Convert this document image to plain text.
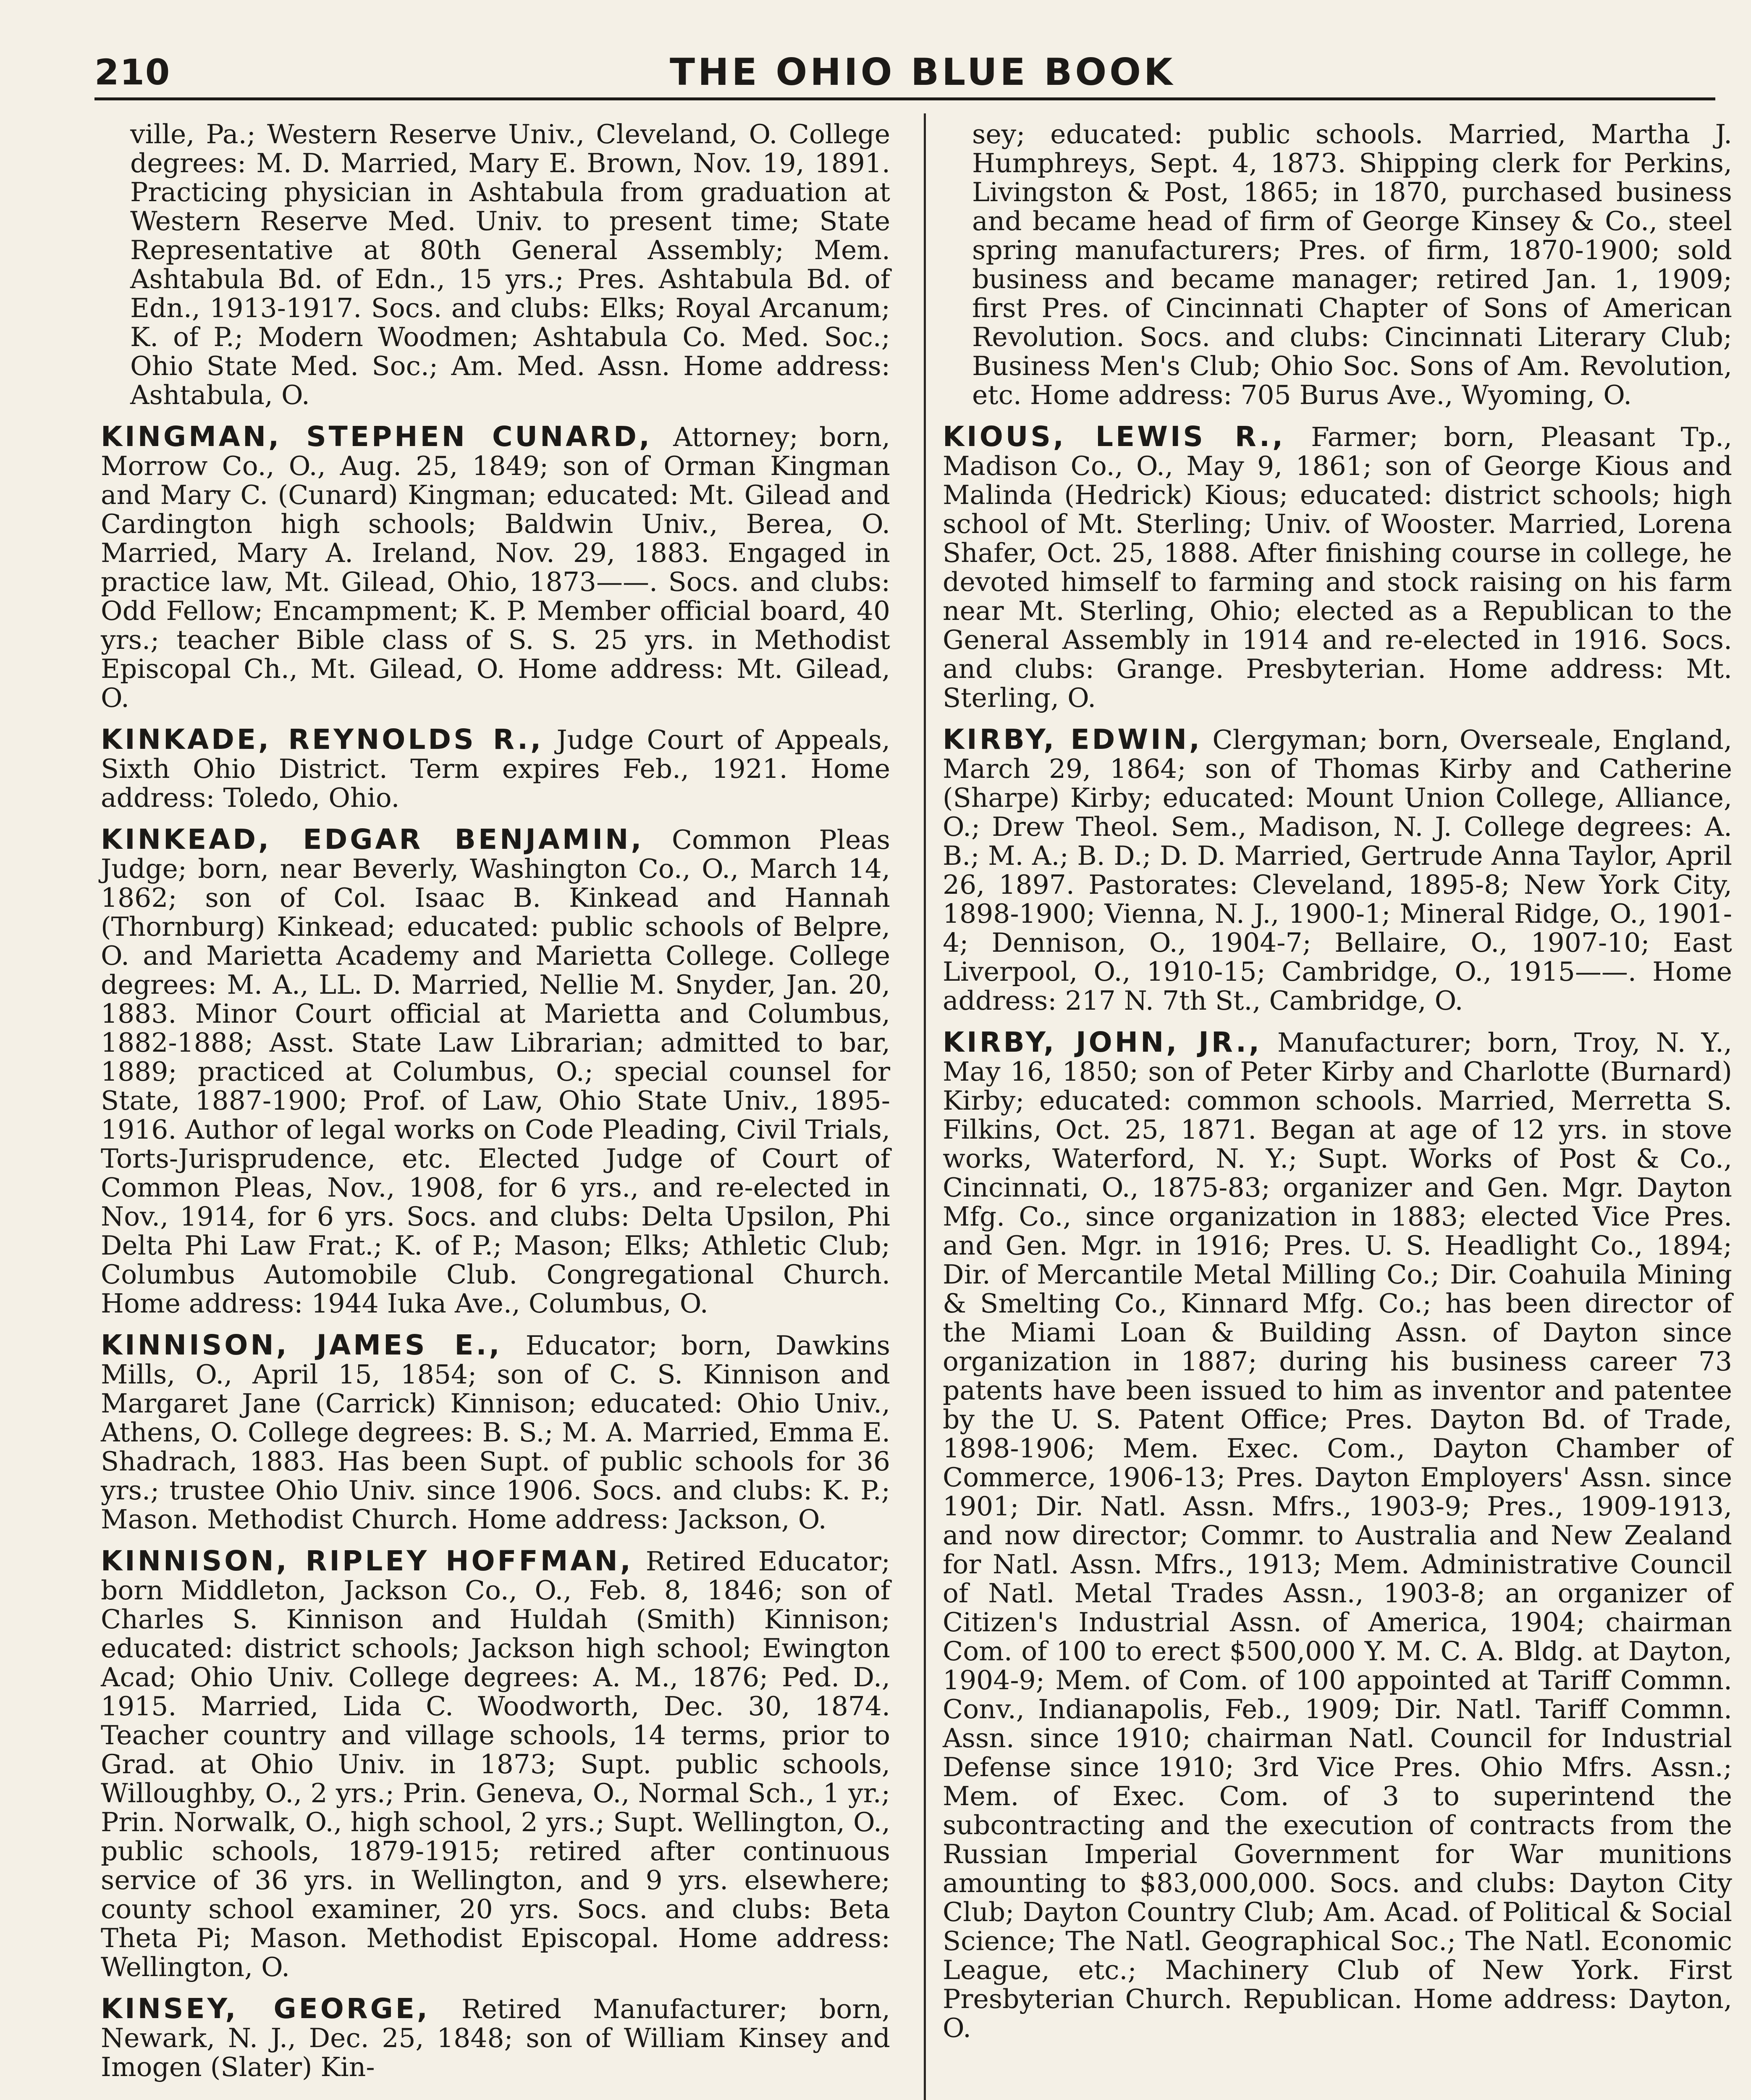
210	THE OHIO BLUE BOOK

ville, Pa.; Western Reserve Univ., Cleveland, O. College degrees: M. D. Married, Mary E. Brown, Nov. 19, 1891. Practicing physician in Ashtabula from graduation at Western Reserve Med. Univ. to present time; State Representative at 80th General Assembly; Mem. Ashtabula Bd. of Edn., 15 yrs.; Pres. Ashtabula Bd. of Edn., 1913-1917. Socs. and clubs: Elks; Royal Arcanum; K. of P.; Modern Woodmen; Ashtabula Co. Med. Soc.; Ohio State Med. Soc.; Am. Med. Assn. Home address: Ashtabula, O.

KINGMAN, STEPHEN CUNARD, Attorney; born, Morrow Co., O., Aug. 25, 1849; son of Orman Kingman and Mary C. (Cunard) Kingman; educated: Mt. Gilead and Cardington high schools; Baldwin Univ., Berea, O. Married, Mary A. Ireland, Nov. 29, 1883. Engaged in practice law, Mt. Gilead, Ohio, 1873——. Socs. and clubs: Odd Fellow; Encampment; K. P. Member official board, 40 yrs.; teacher Bible class of S. S. 25 yrs. in Methodist Episcopal Ch., Mt. Gilead, O. Home address: Mt. Gilead, O.

KINKADE, REYNOLDS R., Judge Court of Appeals, Sixth Ohio District. Term expires Feb., 1921. Home address: Toledo, Ohio.

KINKEAD, EDGAR BENJAMIN, Common Pleas Judge; born, near Beverly, Washington Co., O., March 14, 1862; son of Col. Isaac B. Kinkead and Hannah (Thornburg) Kinkead; educated: public schools of Belpre, O. and Marietta Academy and Marietta College. College degrees: M. A., LL. D. Married, Nellie M. Snyder, Jan. 20, 1883. Minor Court official at Marietta and Columbus, 1882-1888; Asst. State Law Librarian; admitted to bar, 1889; practiced at Columbus, O.; special counsel for State, 1887-1900; Prof. of Law, Ohio State Univ., 1895-1916. Author of legal works on Code Pleading, Civil Trials, Torts-Jurisprudence, etc. Elected Judge of Court of Common Pleas, Nov., 1908, for 6 yrs., and re-elected in Nov., 1914, for 6 yrs. Socs. and clubs: Delta Upsilon, Phi Delta Phi Law Frat.; K. of P.; Mason; Elks; Athletic Club; Columbus Automobile Club. Congregational Church. Home address: 1944 Iuka Ave., Columbus, O.

KINNISON, JAMES E., Educator; born, Dawkins Mills, O., April 15, 1854; son of C. S. Kinnison and Margaret Jane (Carrick) Kinnison; educated: Ohio Univ., Athens, O. College degrees: B. S.; M. A. Married, Emma E. Shadrach, 1883. Has been Supt. of public schools for 36 yrs.; trustee Ohio Univ. since 1906. Socs. and clubs: K. P.; Mason. Methodist Church. Home address: Jackson, O.

KINNISON, RIPLEY HOFFMAN, Retired Educator; born Middleton, Jackson Co., O., Feb. 8, 1846; son of Charles S. Kinnison and Huldah (Smith) Kinnison; educated: district schools; Jackson high school; Ewington Acad; Ohio Univ. College degrees: A. M., 1876; Ped. D., 1915. Married, Lida C. Woodworth, Dec. 30, 1874. Teacher country and village schools, 14 terms, prior to Grad. at Ohio Univ. in 1873; Supt. public schools, Willoughby, O., 2 yrs.; Prin. Geneva, O., Normal Sch., 1 yr.; Prin. Norwalk, O., high school, 2 yrs.; Supt. Wellington, O., public schools, 1879-1915; retired after continuous service of 36 yrs. in Wellington, and 9 yrs. elsewhere; county school examiner, 20 yrs. Socs. and clubs: Beta Theta Pi; Mason. Methodist Episcopal. Home address: Wellington, O.

KINSEY, GEORGE, Retired Manufacturer; born, Newark, N. J., Dec. 25, 1848; son of William Kinsey and Imogen (Slater) Kin-

sey; educated: public schools. Married, Martha J. Humphreys, Sept. 4, 1873. Shipping clerk for Perkins, Livingston & Post, 1865; in 1870, purchased business and became head of firm of George Kinsey & Co., steel spring manufacturers; Pres. of firm, 1870-1900; sold business and became manager; retired Jan. 1, 1909; first Pres. of Cincinnati Chapter of Sons of American Revolution. Socs. and clubs: Cincinnati Literary Club; Business Men's Club; Ohio Soc. Sons of Am. Revolution, etc. Home address: 705 Burus Ave., Wyoming, O.

KIOUS, LEWIS R., Farmer; born, Pleasant Tp., Madison Co., O., May 9, 1861; son of George Kious and Malinda (Hedrick) Kious; educated: district schools; high school of Mt. Sterling; Univ. of Wooster. Married, Lorena Shafer, Oct. 25, 1888. After finishing course in college, he devoted himself to farming and stock raising on his farm near Mt. Sterling, Ohio; elected as a Republican to the General Assembly in 1914 and re-elected in 1916. Socs. and clubs: Grange. Presbyterian. Home address: Mt. Sterling, O.

KIRBY, EDWIN, Clergyman; born, Overseale, England, March 29, 1864; son of Thomas Kirby and Catherine (Sharpe) Kirby; educated: Mount Union College, Alliance, O.; Drew Theol. Sem., Madison, N. J. College degrees: A. B.; M. A.; B. D.; D. D. Married, Gertrude Anna Taylor, April 26, 1897. Pastorates: Cleveland, 1895-8; New York City, 1898-1900; Vienna, N. J., 1900-1; Mineral Ridge, O., 1901-4; Dennison, O., 1904-7; Bellaire, O., 1907-10; East Liverpool, O., 1910-15; Cambridge, O., 1915——. Home address: 217 N. 7th St., Cambridge, O.

KIRBY, JOHN, JR., Manufacturer; born, Troy, N. Y., May 16, 1850; son of Peter Kirby and Charlotte (Burnard) Kirby; educated: common schools. Married, Merretta S. Filkins, Oct. 25, 1871. Began at age of 12 yrs. in stove works, Waterford, N. Y.; Supt. Works of Post & Co., Cincinnati, O., 1875-83; organizer and Gen. Mgr. Dayton Mfg. Co., since organization in 1883; elected Vice Pres. and Gen. Mgr. in 1916; Pres. U. S. Headlight Co., 1894; Dir. of Mercantile Metal Milling Co.; Dir. Coahuila Mining & Smelting Co., Kinnard Mfg. Co.; has been director of the Miami Loan & Building Assn. of Dayton since organization in 1887; during his business career 73 patents have been issued to him as inventor and patentee by the U. S. Patent Office; Pres. Dayton Bd. of Trade, 1898-1906; Mem. Exec. Com., Dayton Chamber of Commerce, 1906-13; Pres. Dayton Employers' Assn. since 1901; Dir. Natl. Assn. Mfrs., 1903-9; Pres., 1909-1913, and now director; Commr. to Australia and New Zealand for Natl. Assn. Mfrs., 1913; Mem. Administrative Council of Natl. Metal Trades Assn., 1903-8; an organizer of Citizen's Industrial Assn. of America, 1904; chairman Com. of 100 to erect $500,000 Y. M. C. A. Bldg. at Dayton, 1904-9; Mem. of Com. of 100 appointed at Tariff Commn. Conv., Indianapolis, Feb., 1909; Dir. Natl. Tariff Commn. Assn. since 1910; chairman Natl. Council for Industrial Defense since 1910; 3rd Vice Pres. Ohio Mfrs. Assn.; Mem. of Exec. Com. of 3 to superintend the subcontracting and the execution of contracts from the Russian Imperial Government for War munitions amounting to $83,000,000. Socs. and clubs: Dayton City Club; Dayton Country Club; Am. Acad. of Political & Social Science; The Natl. Geographical Soc.; The Natl. Economic League, etc.; Machinery Club of New York. First Presbyterian Church. Republican. Home address: Dayton, O.
